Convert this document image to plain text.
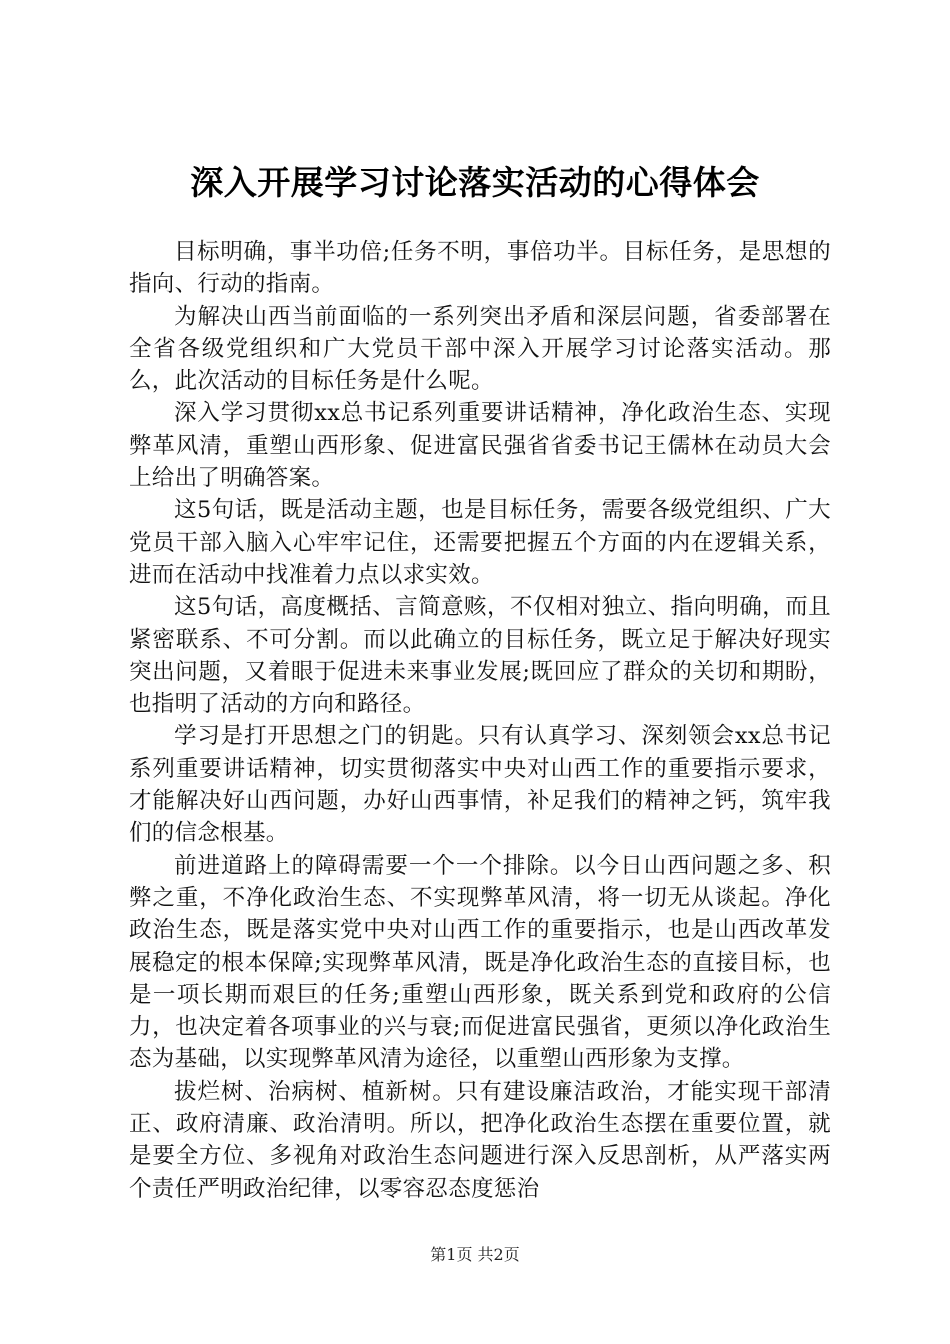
深入开展学习讨论落实活动的心得体会

目标明确，事半功倍;任务不明，事倍功半。目标任务，是思想的指向、行动的指南。

为解决山西当前面临的一系列突出矛盾和深层问题，省委部署在全省各级党组织和广大党员干部中深入开展学习讨论落实活动。那么，此次活动的目标任务是什么呢。

深入学习贯彻xx总书记系列重要讲话精神，净化政治生态、实现弊革风清，重塑山西形象、促进富民强省省委书记王儒林在动员大会上给出了明确答案。

这5句话，既是活动主题，也是目标任务，需要各级党组织、广大党员干部入脑入心牢牢记住，还需要把握五个方面的内在逻辑关系，进而在活动中找准着力点以求实效。

这5句话，高度概括、言简意赅，不仅相对独立、指向明确，而且紧密联系、不可分割。而以此确立的目标任务，既立足于解决好现实突出问题，又着眼于促进未来事业发展;既回应了群众的关切和期盼，也指明了活动的方向和路径。

学习是打开思想之门的钥匙。只有认真学习、深刻领会xx总书记系列重要讲话精神，切实贯彻落实中央对山西工作的重要指示要求，才能解决好山西问题，办好山西事情，补足我们的精神之钙，筑牢我们的信念根基。

前进道路上的障碍需要一个一个排除。以今日山西问题之多、积弊之重，不净化政治生态、不实现弊革风清，将一切无从谈起。净化政治生态，既是落实党中央对山西工作的重要指示，也是山西改革发展稳定的根本保障;实现弊革风清，既是净化政治生态的直接目标，也是一项长期而艰巨的任务;重塑山西形象，既关系到党和政府的公信力，也决定着各项事业的兴与衰;而促进富民强省，更须以净化政治生态为基础，以实现弊革风清为途径，以重塑山西形象为支撑。

拔烂树、治病树、植新树。只有建设廉洁政治，才能实现干部清正、政府清廉、政治清明。所以，把净化政治生态摆在重要位置，就是要全方位、多视角对政治生态问题进行深入反思剖析，从严落实两个责任严明政治纪律，以零容忍态度惩治

第1页 共2页
